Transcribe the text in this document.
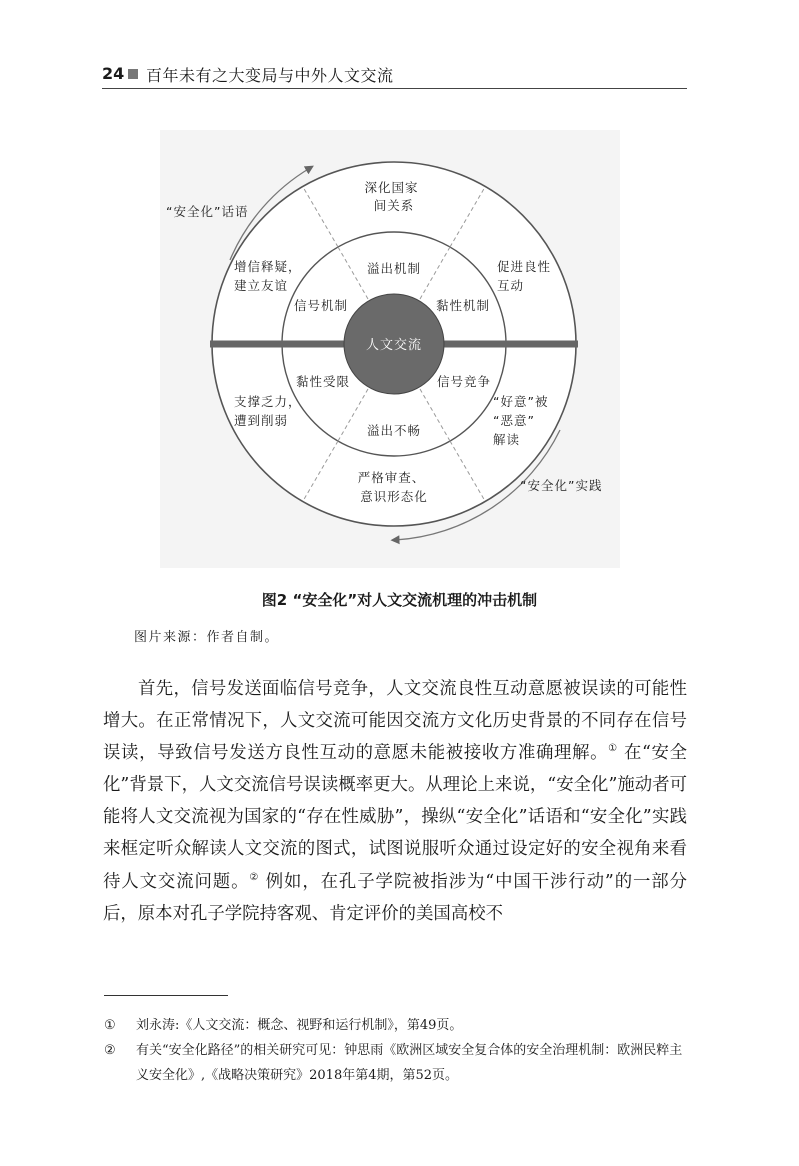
24 百年未有之大变局与中外人文交流
人文交流
溢出机制
信号机制	黏性机制
黏性受限	信号竞争
溢出不畅
深化国家 间关系
增信释疑， 建立友谊
促进良性 互动
支撑乏力， 遭到削弱
“好意”被 “恶意” 解读
严格审查、 意识形态化
“安全化”话语
“安全化”实践
图2 “安全化”对人文交流机理的冲击机制
图片来源：作者自制。

首先，信号发送面临信号竞争，人文交流良性互动意愿被误读的可能性增大。在正常情况下，人文交流可能因交流方文化历史背景的不同存在信号误读，导致信号发送方良性互动的意愿未能被接收方准确理解。① 在“安全化”背景下，人文交流信号误读概率更大。从理论上来说，“安全化”施动者可能将人文交流视为国家的“存在性威胁”，操纵“安全化”话语和“安全化”实践来框定听众解读人文交流的图式，试图说服听众通过设定好的安全视角来看待人文交流问题。② 例如，在孔子学院被指涉为“中国干涉行动”的一部分后，原本对孔子学院持客观、肯定评价的美国高校不

① 刘永涛:《人文交流：概念、视野和运行机制》，第49页。

② 有关“安全化路径”的相关研究可见：钟思雨《欧洲区域安全复合体的安全治理机制：欧洲民粹主义安全化》,《战略决策研究》2018年第4期，第52页。
